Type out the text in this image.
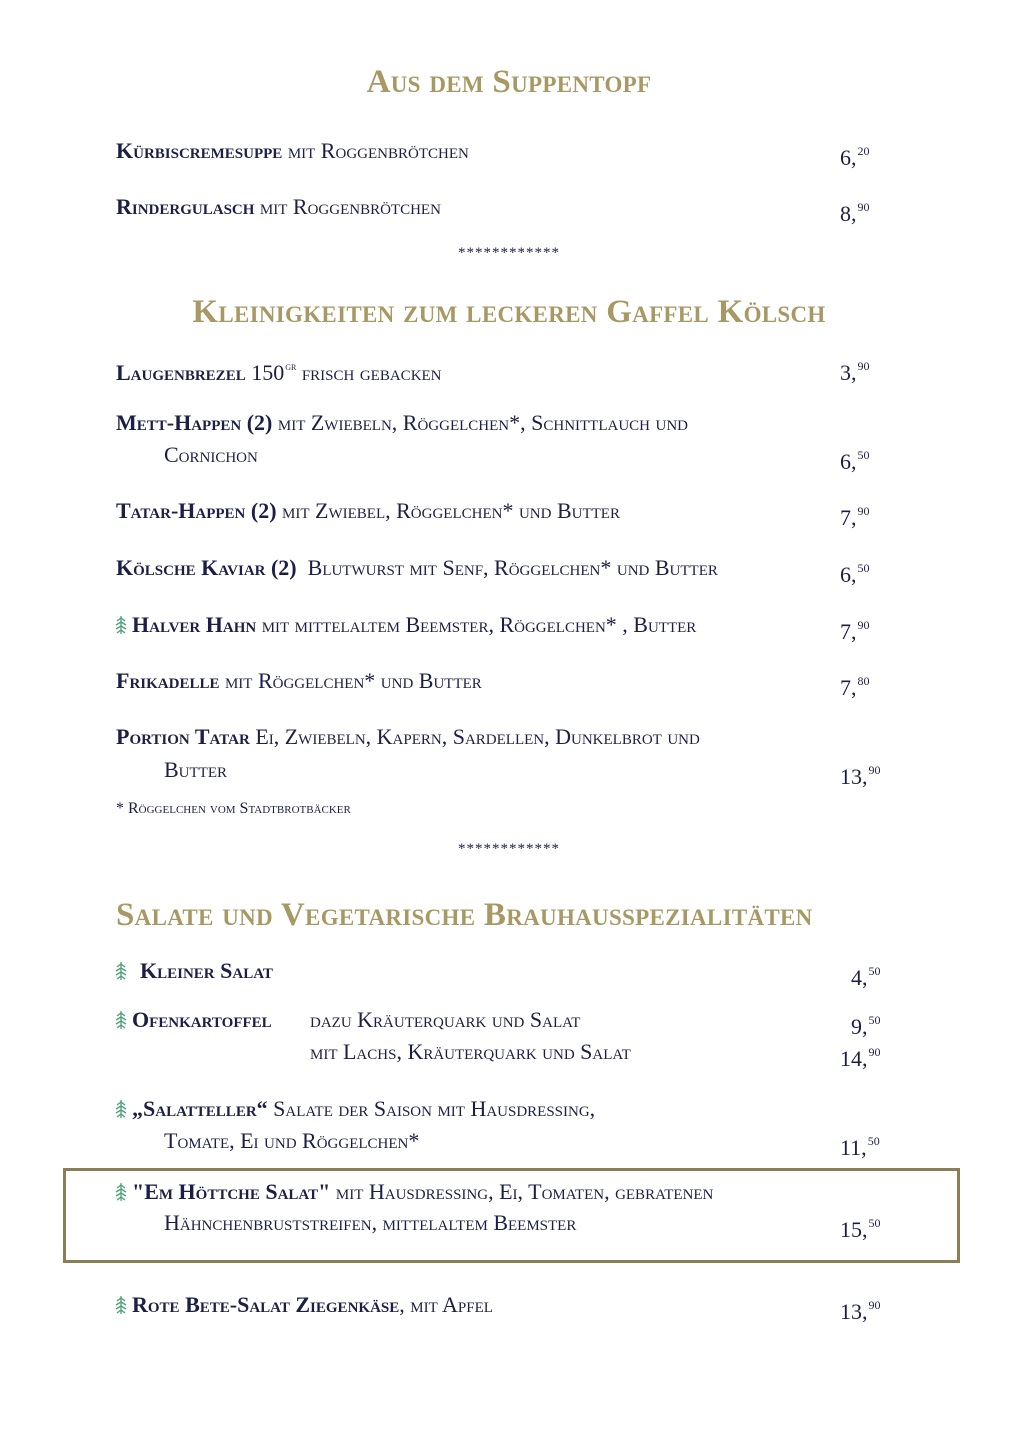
Aus dem Suppentopf
Kürbiscremesuppe mit Roggenbrötchen	6,20
Rindergulasch mit Roggenbrötchen	8,90
************
Kleinigkeiten zum leckeren Gaffel Kölsch
Laugenbrezel $150^{gr}$ frisch gebacken	3,90
Mett-Happen (2) mit Zwiebeln, Röggelchen*, Schnittlauch und
Cornichon	6,50
Tatar-Happen (2) mit Zwiebel, Röggelchen* und Butter	7,90
Kölsche Kaviar (2)  Blutwurst mit Senf, Röggelchen* und Butter	6,50
Halver Hahn mit mittelaltem Beemster, Röggelchen* , Butter	7,90
Frikadelle mit Röggelchen* und Butter	7,80
Portion Tatar Ei, Zwiebeln, Kapern, Sardellen, Dunkelbrot und
Butter	13,90
* Röggelchen vom Stadtbrotbäcker
************
Salate und Vegetarische Brauhausspezialitäten
Kleiner Salat	4,50
Ofenkartoffel dazu Kräuterquark und Salat	9,50
mit Lachs, Kräuterquark und Salat	14,90
„Salatteller“ Salate der Saison mit Hausdressing,
Tomate, Ei und Röggelchen*	11,50
"Em Höttche Salat" mit Hausdressing, Ei, Tomaten, gebratenen
Hähnchenbruststreifen, mittelaltem Beemster	15,50
Rote Bete-Salat Ziegenkäse, mit Apfel	13,90
